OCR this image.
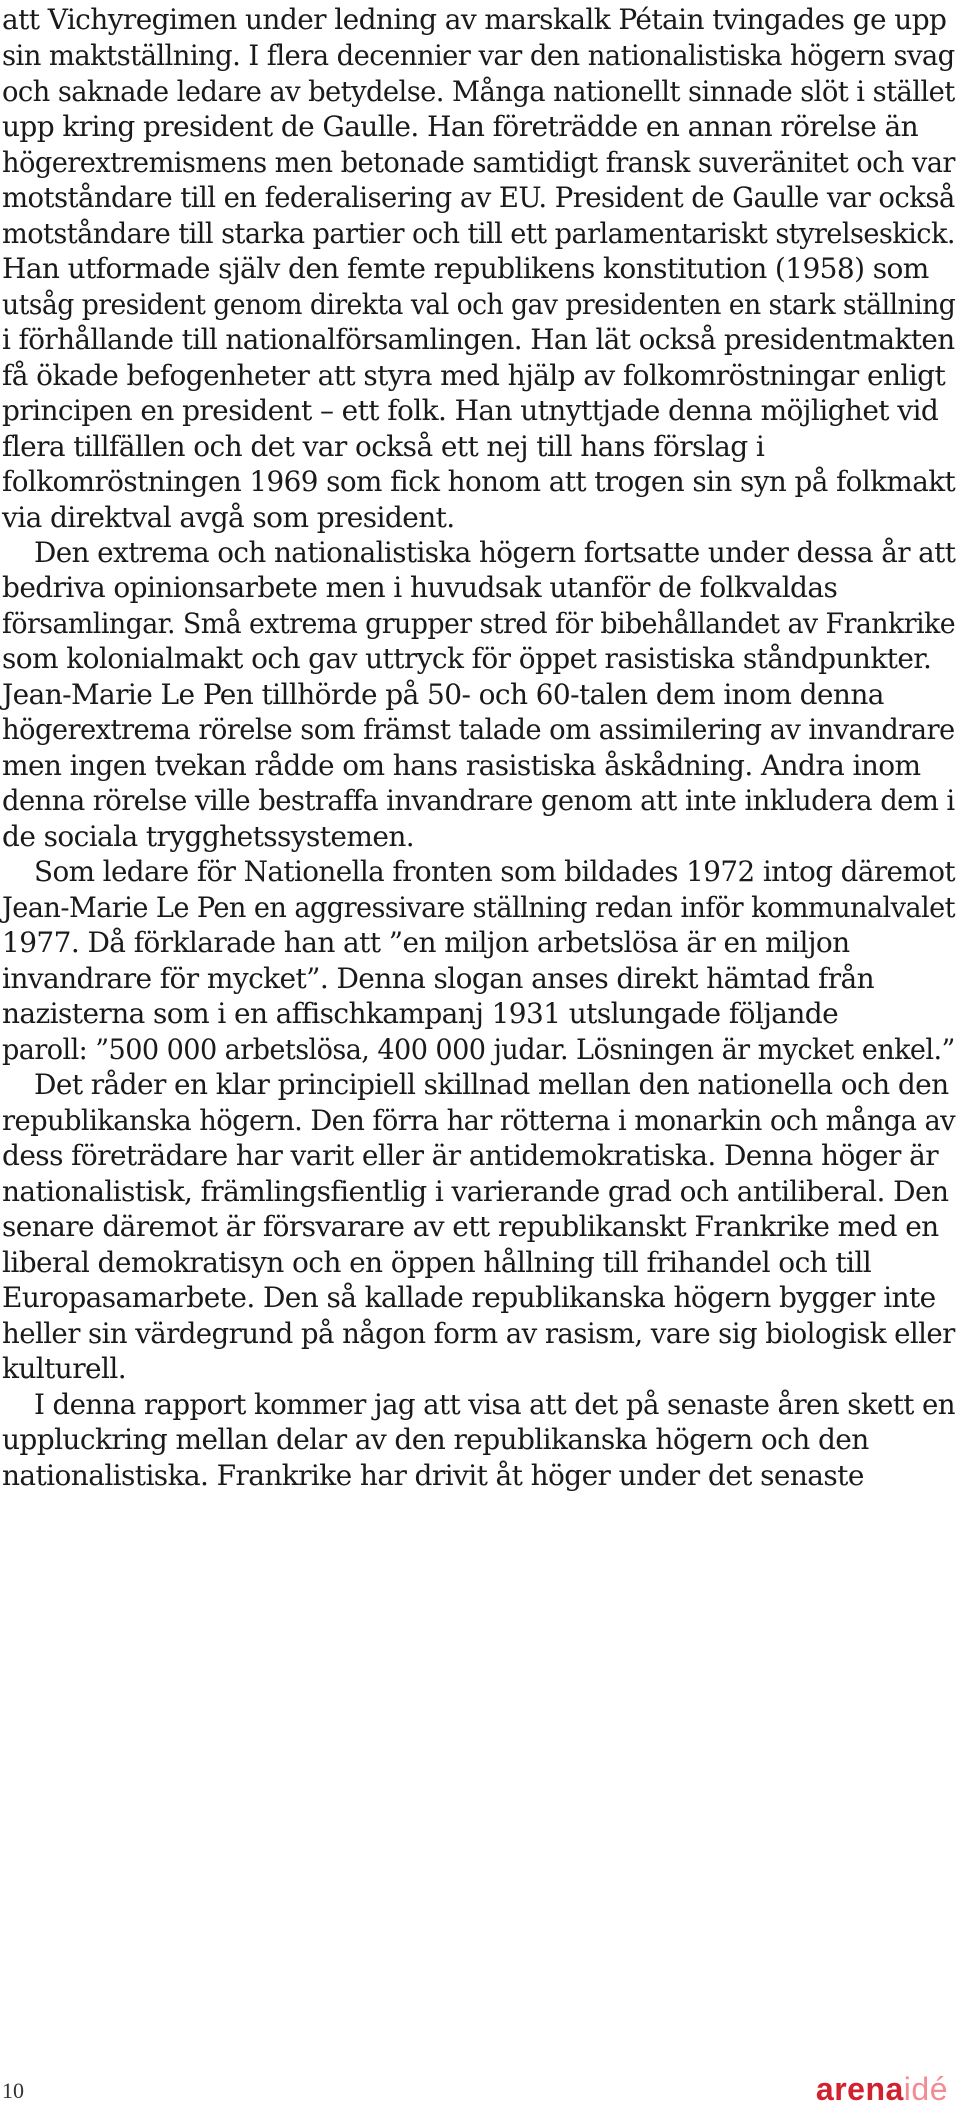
att Vichyregimen under ledning av marskalk Pétain tvingades ge upp
sin maktställning. I flera decennier var den nationalistiska högern svag
och saknade ledare av betydelse. Många nationellt sinnade slöt i stället
upp kring president de Gaulle. Han företrädde en annan rörelse än
högerextremismens men betonade samtidigt fransk suveränitet och var
motståndare till en federalisering av EU. President de Gaulle var också
motståndare till starka partier och till ett parlamentariskt styrelseskick.
Han utformade själv den femte republikens konstitution (1958) som
utsåg president genom direkta val och gav presidenten en stark ställning
i förhållande till nationalförsamlingen. Han lät också presidentmakten
få ökade befogenheter att styra med hjälp av folkomröstningar enligt
principen en president – ett folk. Han utnyttjade denna möjlighet vid
flera tillfällen och det var också ett nej till hans förslag i
folkomröstningen 1969 som fick honom att trogen sin syn på folkmakt
via direktval avgå som president.
Den extrema och nationalistiska högern fortsatte under dessa år att
bedriva opinionsarbete men i huvudsak utanför de folkvaldas
församlingar. Små extrema grupper stred för bibehållandet av Frankrike
som kolonialmakt och gav uttryck för öppet rasistiska ståndpunkter.
Jean-Marie Le Pen tillhörde på 50- och 60-talen dem inom denna
högerextrema rörelse som främst talade om assimilering av invandrare
men ingen tvekan rådde om hans rasistiska åskådning. Andra inom
denna rörelse ville bestraffa invandrare genom att inte inkludera dem i
de sociala trygghetssystemen.
Som ledare för Nationella fronten som bildades 1972 intog däremot
Jean-Marie Le Pen en aggressivare ställning redan inför kommunalvalet
1977. Då förklarade han att ”en miljon arbetslösa är en miljon
invandrare för mycket”. Denna slogan anses direkt hämtad från
nazisterna som i en affischkampanj 1931 utslungade följande
paroll: ”500 000 arbetslösa, 400 000 judar. Lösningen är mycket enkel.”
Det råder en klar principiell skillnad mellan den nationella och den
republikanska högern. Den förra har rötterna i monarkin och många av
dess företrädare har varit eller är antidemokratiska. Denna höger är
nationalistisk, främlingsfientlig i varierande grad och antiliberal. Den
senare däremot är försvarare av ett republikanskt Frankrike med en
liberal demokratisyn och en öppen hållning till frihandel och till
Europasamarbete. Den så kallade republikanska högern bygger inte
heller sin värdegrund på någon form av rasism, vare sig biologisk eller
kulturell.
I denna rapport kommer jag att visa att det på senaste åren skett en
uppluckring mellan delar av den republikanska högern och den
nationalistiska. Frankrike har drivit åt höger under det senaste
10	arenaidé
